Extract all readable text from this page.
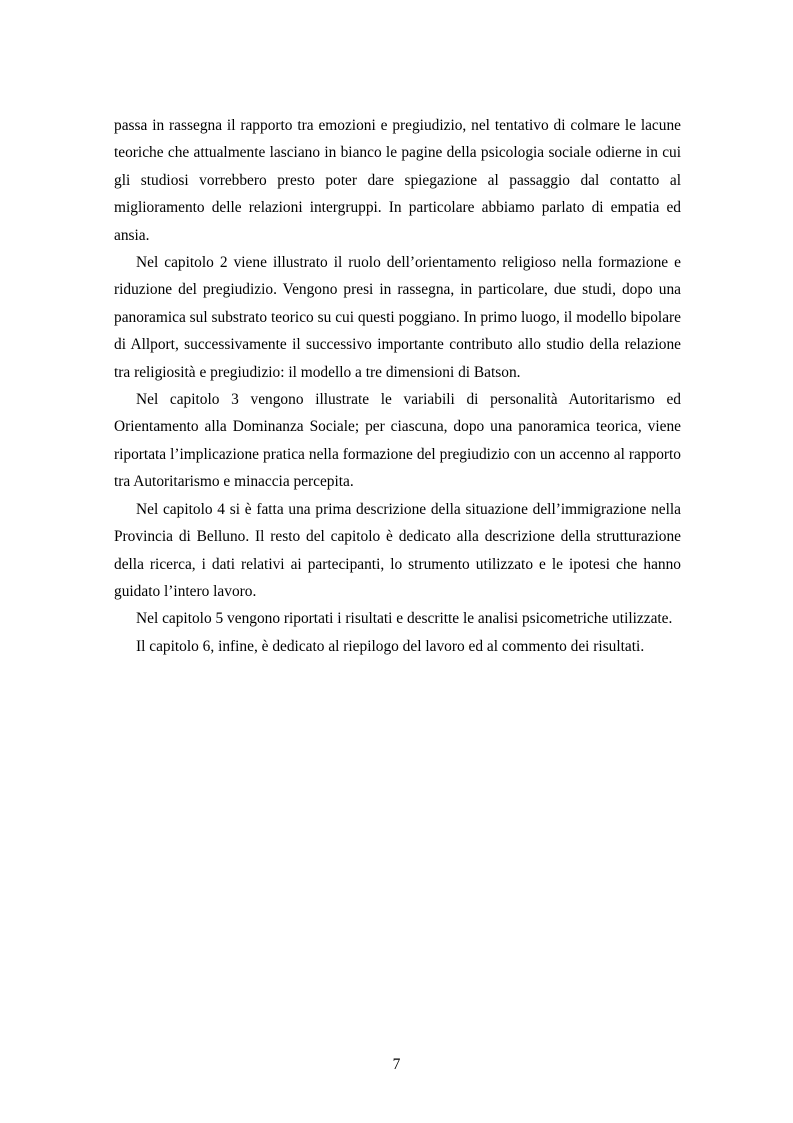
passa in rassegna il rapporto tra emozioni e pregiudizio, nel tentativo di colmare le lacune teoriche che attualmente lasciano in bianco le pagine della psicologia sociale odierne in cui gli studiosi vorrebbero presto poter dare spiegazione al passaggio dal contatto al miglioramento delle relazioni intergruppi. In particolare abbiamo parlato di empatia ed ansia.

Nel capitolo 2 viene illustrato il ruolo dell’orientamento religioso nella formazione e riduzione del pregiudizio. Vengono presi in rassegna, in particolare, due studi, dopo una panoramica sul substrato teorico su cui questi poggiano. In primo luogo, il modello bipolare di Allport, successivamente il successivo importante contributo allo studio della relazione tra religiosità e pregiudizio: il modello a tre dimensioni di Batson.

Nel capitolo 3 vengono illustrate le variabili di personalità Autoritarismo ed Orientamento alla Dominanza Sociale; per ciascuna, dopo una panoramica teorica, viene riportata l’implicazione pratica nella formazione del pregiudizio con un accenno al rapporto tra Autoritarismo e minaccia percepita.

Nel capitolo 4 si è fatta una prima descrizione della situazione dell’immigrazione nella Provincia di Belluno. Il resto del capitolo è dedicato alla descrizione della strutturazione della ricerca, i dati relativi ai partecipanti, lo strumento utilizzato e le ipotesi che hanno guidato l’intero lavoro.

Nel capitolo 5 vengono riportati i risultati e descritte le analisi psicometriche utilizzate.

Il capitolo 6, infine, è dedicato al riepilogo del lavoro ed al commento dei risultati.

7
